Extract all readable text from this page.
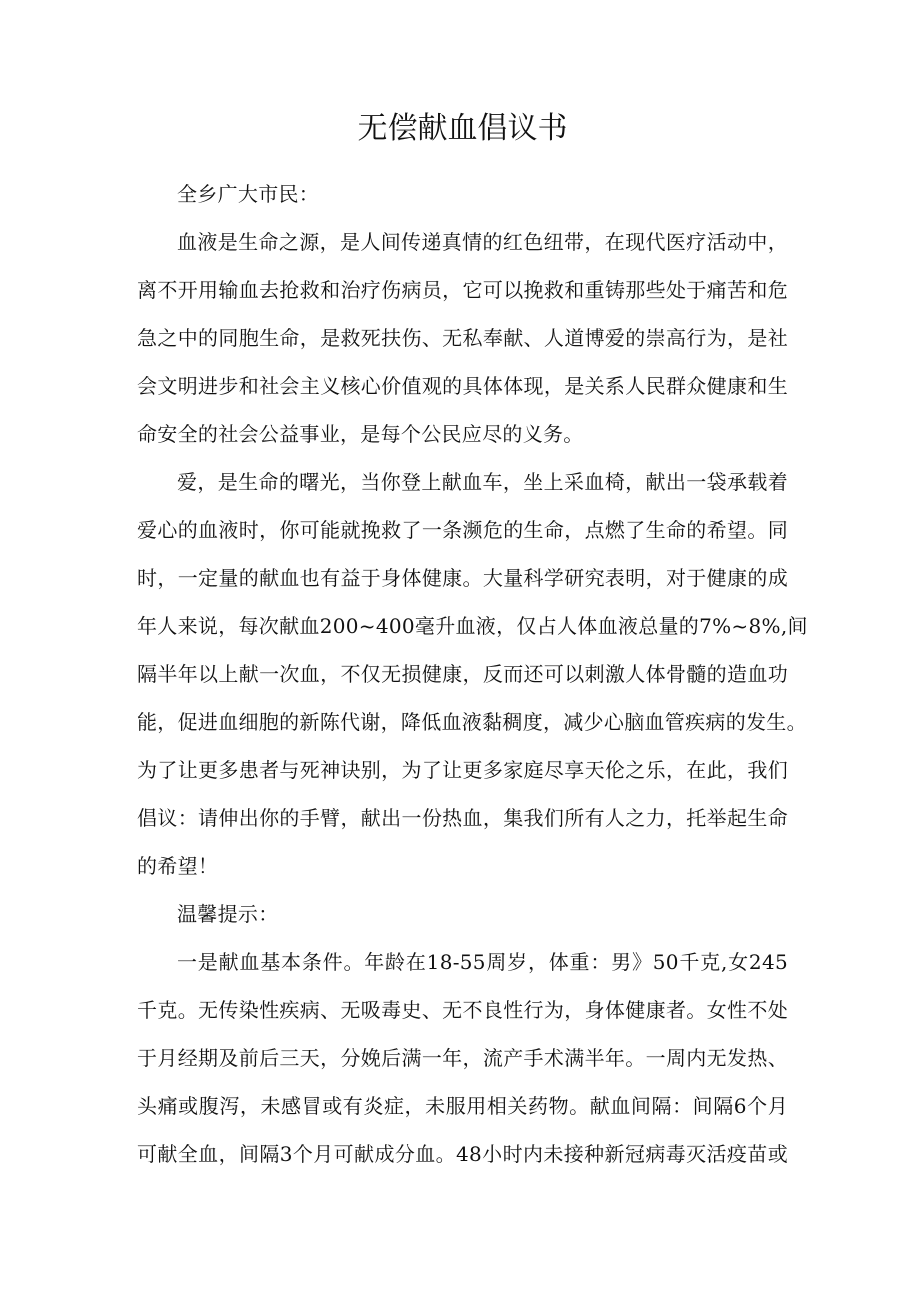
无偿献血倡议书
全乡广大市民：
血液是生命之源，是人间传递真情的红色纽带，在现代医疗活动中，
离不开用输血去抢救和治疗伤病员，它可以挽救和重铸那些处于痛苦和危
急之中的同胞生命，是救死扶伤、无私奉献、人道博爱的崇高行为，是社
会文明进步和社会主义核心价值观的具体体现，是关系人民群众健康和生
命安全的社会公益事业，是每个公民应尽的义务。
爱，是生命的曙光，当你登上献血车，坐上采血椅，献出一袋承载着
爱心的血液时，你可能就挽救了一条濒危的生命，点燃了生命的希望。同
时，一定量的献血也有益于身体健康。大量科学研究表明，对于健康的成
年人来说，每次献血200~400毫升血液，仅占人体血液总量的7%~8%,间
隔半年以上献一次血，不仅无损健康，反而还可以刺激人体骨髓的造血功
能，促进血细胞的新陈代谢，降低血液黏稠度，减少心脑血管疾病的发生。
为了让更多患者与死神诀别，为了让更多家庭尽享天伦之乐，在此，我们
倡议：请伸出你的手臂，献出一份热血，集我们所有人之力，托举起生命
的希望！
温馨提示：
一是献血基本条件。年龄在18-55周岁，体重：男》50千克,女245
千克。无传染性疾病、无吸毒史、无不良性行为，身体健康者。女性不处
于月经期及前后三天，分娩后满一年，流产手术满半年。一周内无发热、
头痛或腹泻，未感冒或有炎症，未服用相关药物。献血间隔：间隔6个月
可献全血，间隔3个月可献成分血。48小时内未接种新冠病毒灭活疫苗或
